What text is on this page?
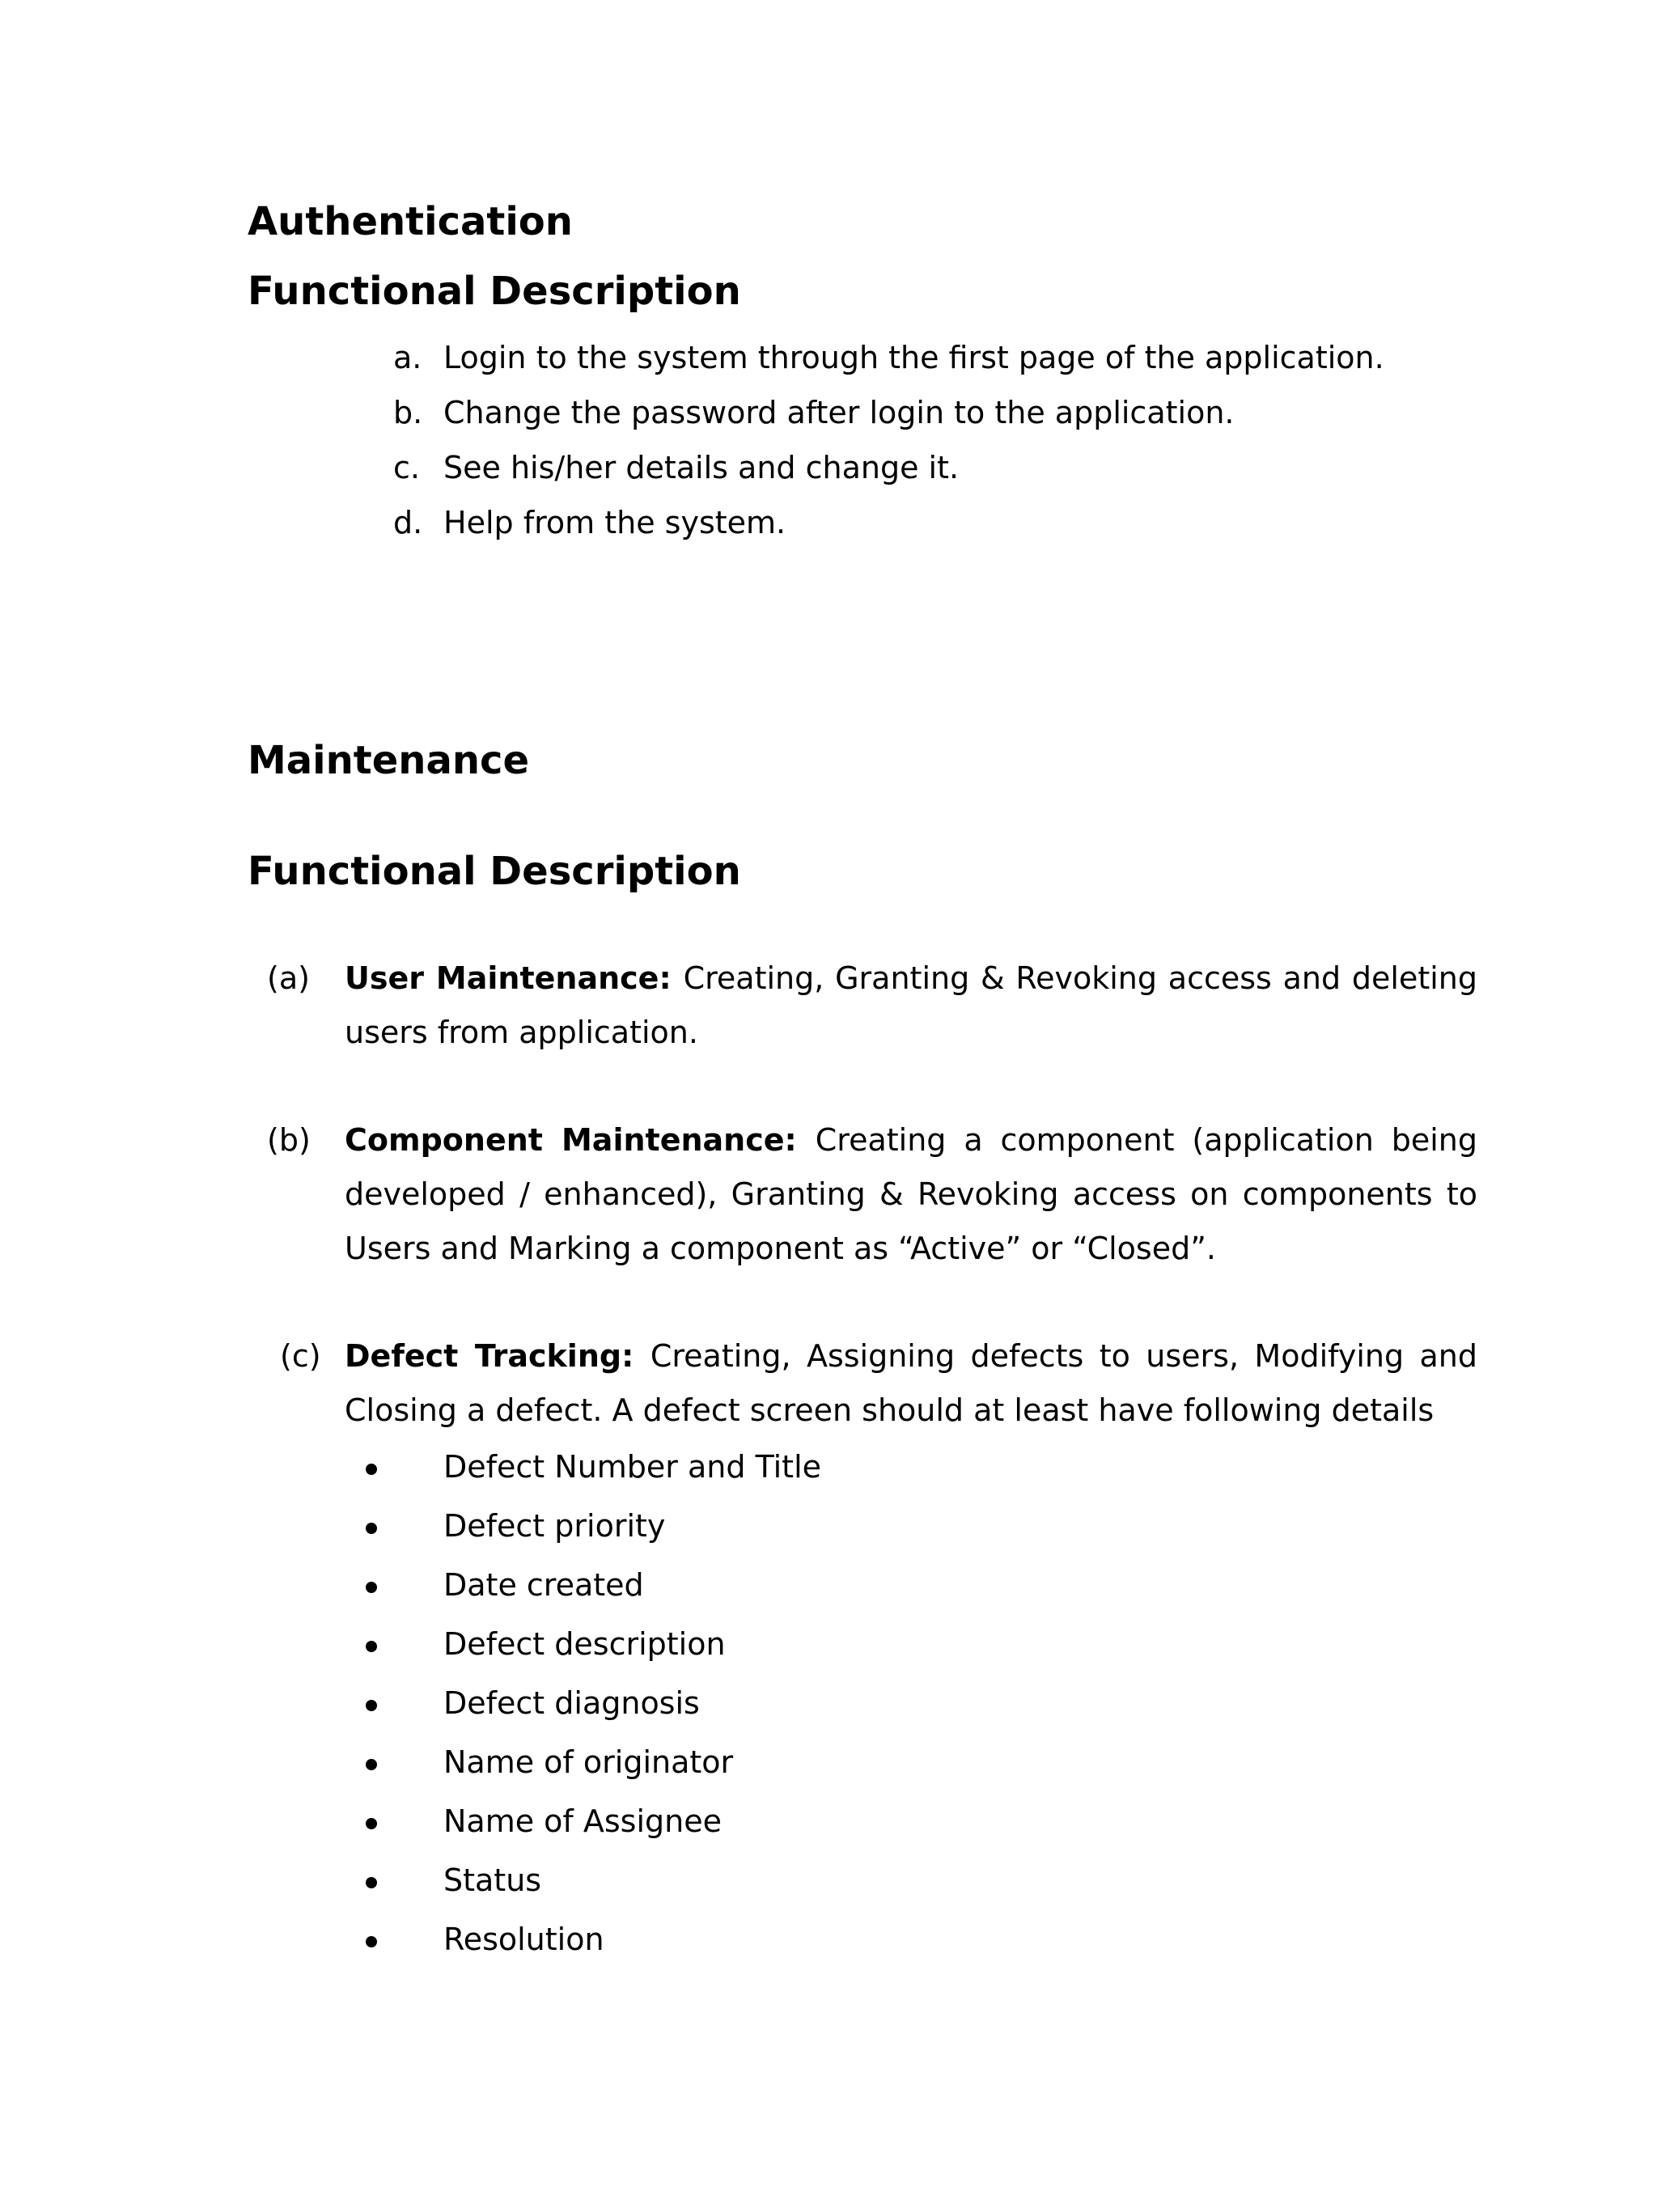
Authentication
Functional Description
a. Login to the system through the first page of the application.
b. Change the password after login to the application.
c. See his/her details and change it.
d. Help from the system.
Maintenance
Functional Description
(a) User Maintenance: Creating, Granting & Revoking access and deleting users from application.
(b) Component Maintenance: Creating a component (application being developed / enhanced), Granting & Revoking access on components to Users and Marking a component as “Active” or “Closed”.
(c) Defect Tracking: Creating, Assigning defects to users, Modifying and Closing a defect. A defect screen should at least have following details
Defect Number and Title
Defect priority
Date created
Defect description
Defect diagnosis
Name of originator
Name of Assignee
Status
Resolution
